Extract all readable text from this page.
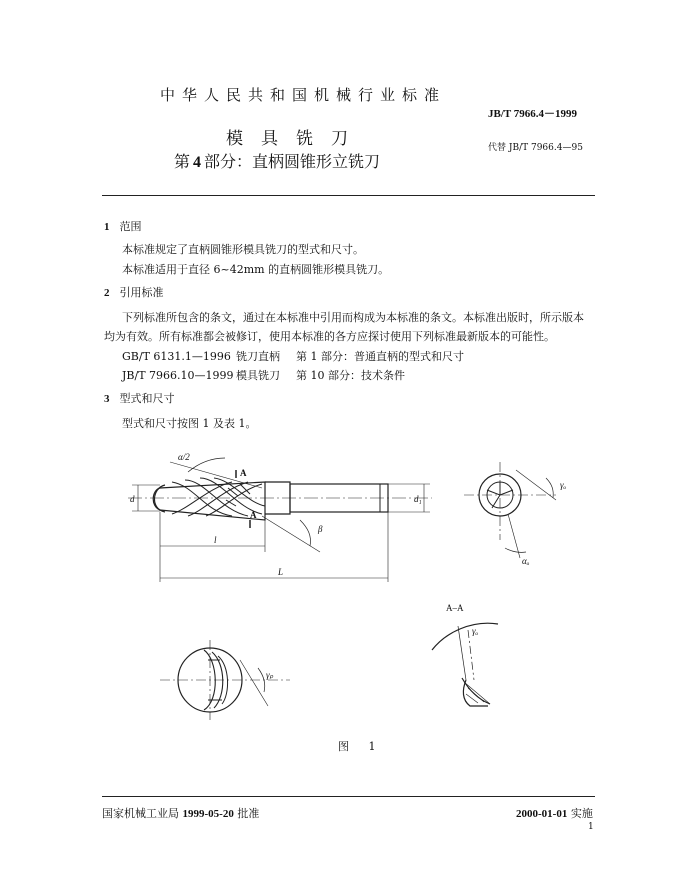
中华人民共和国机械行业标准
JB/T 7966.4－1999
模具铣刀	代替 JB/T 7966.4—95
第 4 部分：直柄圆锥形立铣刀
1 范围
本标准规定了直柄圆锥形模具铣刀的型式和尺寸。
本标准适用于直径 6~42mm 的直柄圆锥形模具铣刀。
2 引用标准
下列标准所包含的条文，通过在本标准中引用而构成为本标准的条文。本标准出版时，所示版本均为有效。所有标准都会被修订，使用本标准的各方应探讨使用下列标准最新版本的可能性。
GB/T 6131.1—1996 铣刀直柄 第 1 部分：普通直柄的型式和尺寸
JB/T 7966.10—1999 模具铣刀 第 10 部分：技术条件
3 型式和尺寸
型式和尺寸按图 1 及表 1。
α/2
d	d₁
l
L
β
A
A
γₒ
αₒ
γₒ
γₚ
A–A
图 1
国家机械工业局 1999-05-20 批准	2000-01-01 实施
1
